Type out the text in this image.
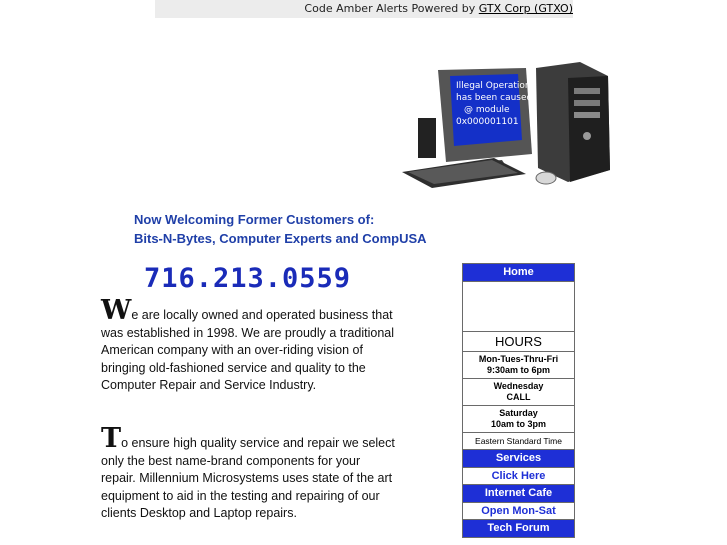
Code Amber Alerts Powered by GTX Corp (GTXO)
Illegal Operation
has been caused
@ module
0x000001101
Now Welcoming Former Customers of:
Bits-N-Bytes, Computer Experts and CompUSA
716.213.0559
We are locally owned and operated business that was established in 1998. We are proudly a traditional American company with an over-riding vision of bringing old-fashioned service and quality to the Computer Repair and Service Industry.
To ensure high quality service and repair we select only the best name-brand components for your repair. Millennium Microsystems uses state of the art equipment to aid in the testing and repairing of our clients Desktop and Laptop repairs.
Home
HOURS
Mon-Tues-Thru-Fri
9:30am to 6pm
Wednesday
CALL
Saturday
10am to 3pm
Eastern Standard Time
Services
Click Here
Internet Cafe
Open Mon-Sat
Tech Forum
